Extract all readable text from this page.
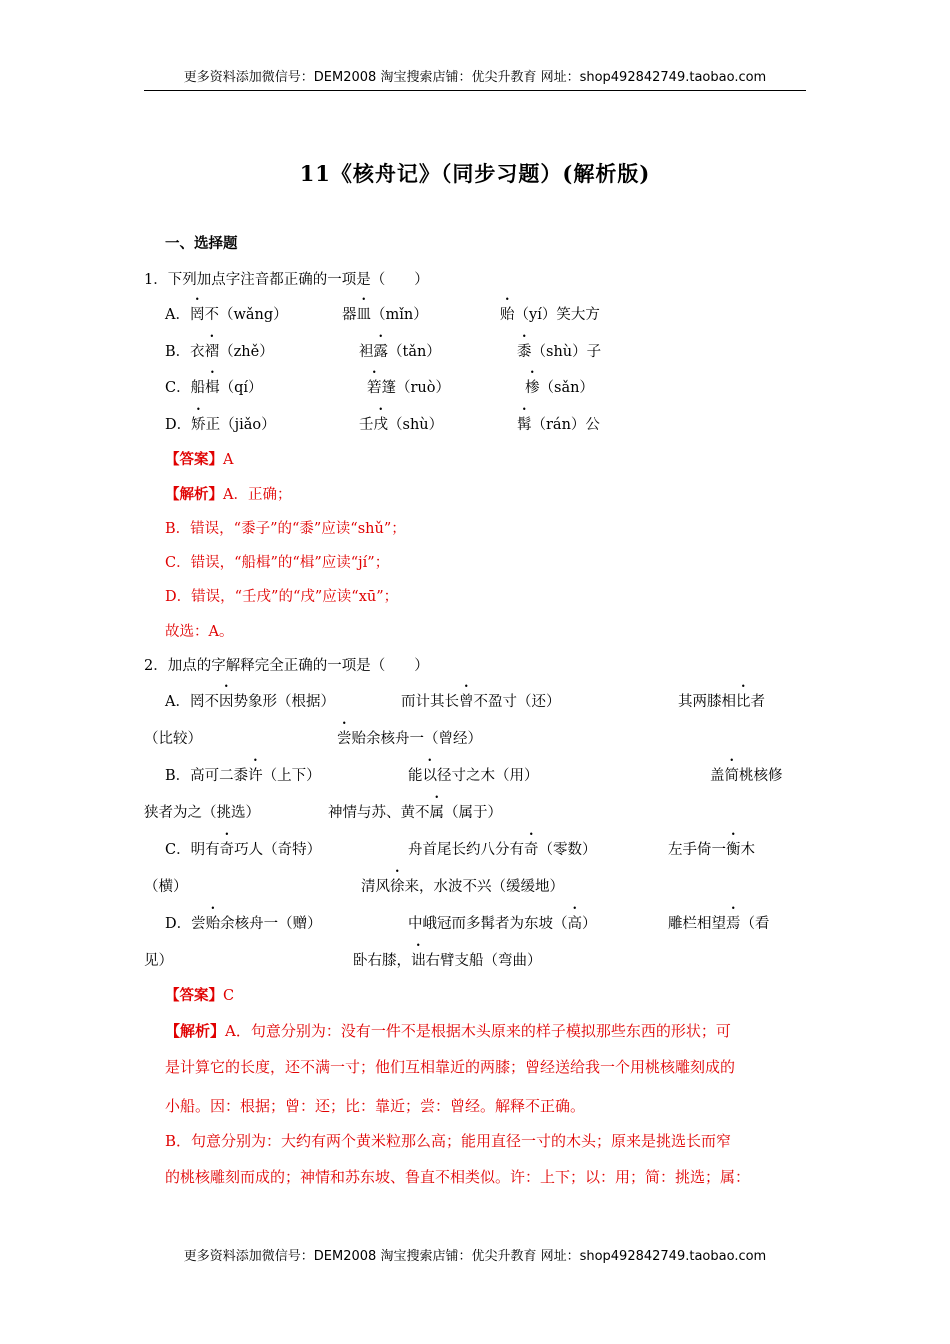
更多资料添加微信号：DEM2008 淘宝搜索店铺：优尖升教育 网址：shop492842749.taobao.com
11《核舟记》（同步习题）(解析版)
一、选择题
1．下列加点字注音都正确的一项是（　　）
A．罔不（wǎng）	器皿（mǐn）	贻（yí）笑大方
B．衣褶（zhě）	袒露（tǎn）	黍（shù）子
C．船楫（qí）	箬篷（ruò）	椮（sǎn）
D．矫正（jiǎo）	壬戌（shù）	髯（rán）公
【答案】A
【解析】A．正确；
B．错误，“黍子”的“黍”应读“shǔ”；
C．错误，“船楫”的“楫”应读“jí”；
D．错误，“壬戌”的“戌”应读“xū”；
故选：A。
2．加点的字解释完全正确的一项是（　　）
A．罔不因势象形（根据）	而计其长曾不盈寸（还）	其两膝相比者
（比较）	尝贻余核舟一（曾经）
B．高可二黍许（上下）	能以径寸之木（用）	盖简桃核修
狭者为之（挑选）	神情与苏、黄不属（属于）
C．明有奇巧人（奇特）	舟首尾长约八分有奇（零数）	左手倚一衡木
（横）	清风徐来，水波不兴（缓缓地）
D．尝贻余核舟一（赠）	中峨冠而多髯者为东坡（高）	雕栏相望焉（看
见）	卧右膝，诎右臂支船（弯曲）
【答案】C
【解析】A．句意分别为：没有一件不是根据木头原来的样子模拟那些东西的形状；可
是计算它的长度，还不满一寸；他们互相靠近的两膝；曾经送给我一个用桃核雕刻成的
小船。因：根据；曾：还；比：靠近；尝：曾经。解释不正确。
B．句意分别为：大约有两个黄米粒那么高；能用直径一寸的木头；原来是挑选长而窄
的桃核雕刻而成的；神情和苏东坡、鲁直不相类似。许：上下；以：用；简：挑选；属：
更多资料添加微信号：DEM2008 淘宝搜索店铺：优尖升教育 网址：shop492842749.taobao.com
